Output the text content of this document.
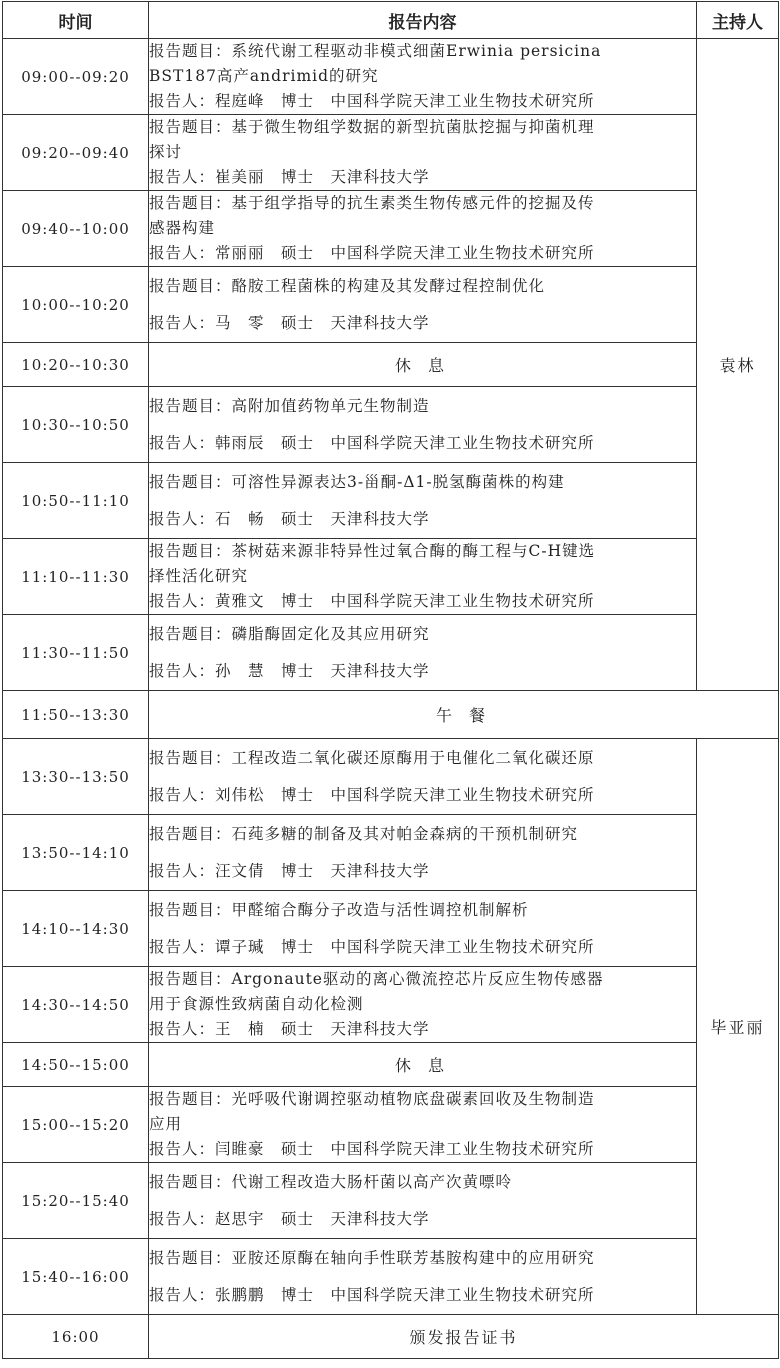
时间	报告内容	主持人
09:00--09:20	报告题目：系统代谢工程驱动非模式细菌Erwinia persicina
BST187高产andrimid的研究
报告人：程庭峰　博士　中国科学院天津工业生物技术研究所	袁林
09:20--09:40	报告题目：基于微生物组学数据的新型抗菌肽挖掘与抑菌机理
探讨
报告人：崔美丽　博士　天津科技大学	

09:40--10:00	报告题目：基于组学指导的抗生素类生物传感元件的挖掘及传
感器构建
报告人：常丽丽　硕士　中国科学院天津工业生物技术研究所	

10:00--10:20	报告题目：酪胺工程菌株的构建及其发酵过程控制优化
报告人：马　零　硕士　天津科技大学	

10:20--10:30	休 息	
10:30--10:50	报告题目：高附加值药物单元生物制造
报告人：韩雨辰　硕士　中国科学院天津工业生物技术研究所	

10:50--11:10	报告题目：可溶性异源表达3-甾酮-Δ1-脱氢酶菌株的构建
报告人：石　畅　硕士　天津科技大学	

11:10--11:30	报告题目：茶树菇来源非特异性过氧合酶的酶工程与C-H键选
择性活化研究
报告人：黄雅文　博士　中国科学院天津工业生物技术研究所	

11:30--11:50	报告题目：磷脂酶固定化及其应用研究
报告人：孙　慧　博士　天津科技大学	

11:50--13:30	午 餐	
13:30--13:50	报告题目：工程改造二氧化碳还原酶用于电催化二氧化碳还原
报告人：刘伟松　博士　中国科学院天津工业生物技术研究所	毕亚丽
13:50--14:10	报告题目：石莼多糖的制备及其对帕金森病的干预机制研究
报告人：汪文倩　博士　天津科技大学	

14:10--14:30	报告题目：甲醛缩合酶分子改造与活性调控机制解析
报告人：谭子瑊　博士　中国科学院天津工业生物技术研究所	

14:30--14:50	报告题目：Argonaute驱动的离心微流控芯片反应生物传感器
用于食源性致病菌自动化检测
报告人：王　楠　硕士　天津科技大学	

14:50--15:00	休 息	
15:00--15:20	报告题目：光呼吸代谢调控驱动植物底盘碳素回收及生物制造
应用
报告人：闫睢豪　硕士　中国科学院天津工业生物技术研究所	

15:20--15:40	报告题目：代谢工程改造大肠杆菌以高产次黄嘌呤
报告人：赵思宇　硕士　天津科技大学	

15:40--16:00	报告题目：亚胺还原酶在轴向手性联芳基胺构建中的应用研究
报告人：张鹏鹏　博士　中国科学院天津工业生物技术研究所	

16:00	颁发报告证书	
